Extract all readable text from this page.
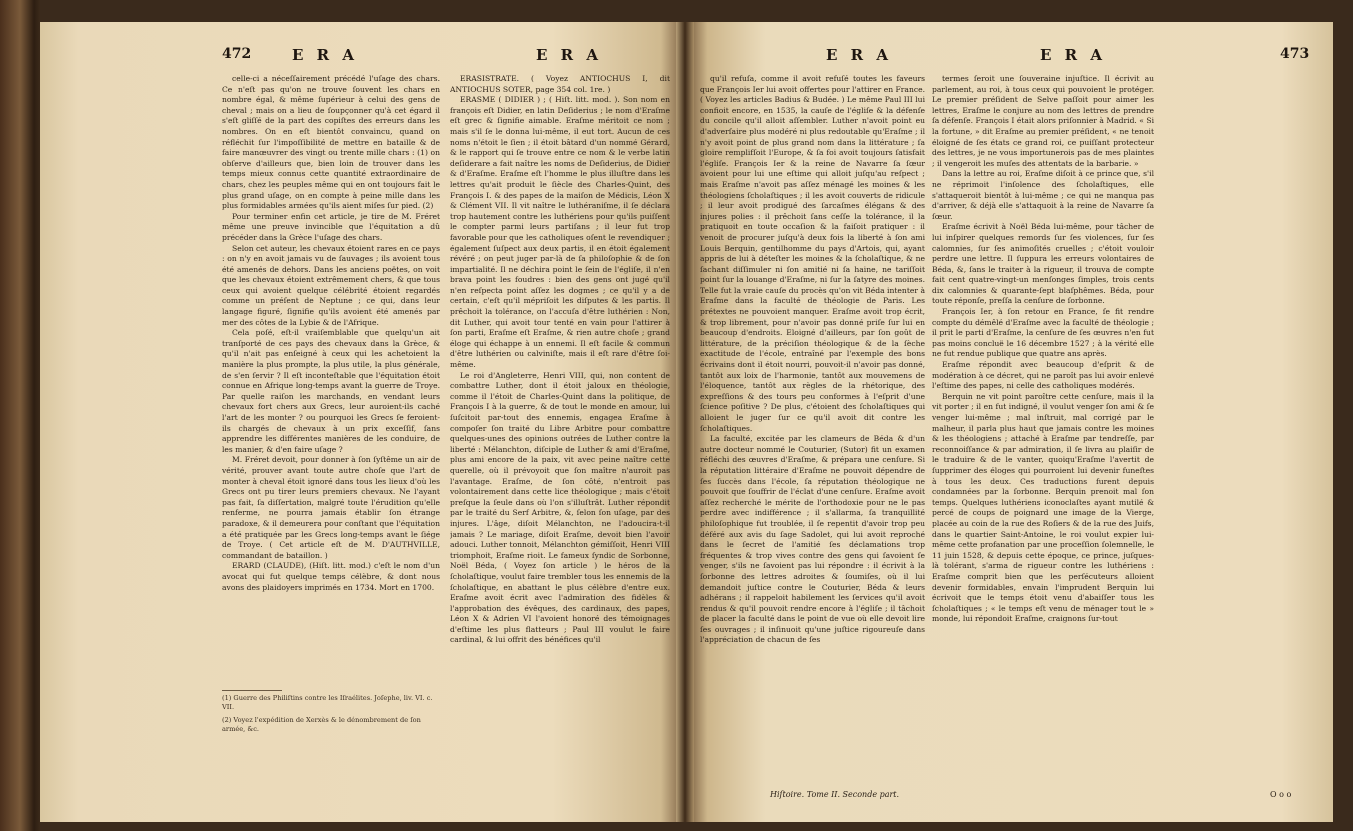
472	E R A	E R A

celle-ci a néceſſairement précédé l'uſage des chars. Ce n'eſt pas qu'on ne trouve ſouvent les chars en nombre égal, & même ſupérieur à celui des gens de cheval ; mais on a lieu de ſoupçonner qu'à cet égard il s'eſt gliſſé de la part des copiſtes des erreurs dans les nombres. On en eſt bientôt convaincu, quand on réfléchit ſur l'impoſſibilité de mettre en bataille & de faire manœuvrer des vingt ou trente mille chars : (1) on obſerve d'ailleurs que, bien loin de trouver dans les temps mieux connus cette quantité extraordinaire de chars, chez les peuples même qui en ont toujours fait le plus grand uſage, on en compte à peine mille dans les plus formidables armées qu'ils aient miſes ſur pied. (2)

Pour terminer enfin cet article, je tire de M. Fréret même une preuve invincible que l'équitation a dû précéder dans la Grèce l'uſage des chars.

Selon cet auteur, les chevaux étoient rares en ce pays : on n'y en avoit jamais vu de ſauvages ; ils avoient tous été amenés de dehors. Dans les anciens poëtes, on voit que les chevaux étoient extrêmement chers, & que tous ceux qui avoient quelque célébrité étoient regardés comme un préſent de Neptune ; ce qui, dans leur langage figuré, ſignifie qu'ils avoient été amenés par mer des côtes de la Lybie & de l'Afrique.

Cela poſé, eſt-il vraiſemblable que quelqu'un ait tranſporté de ces pays des chevaux dans la Grèce, & qu'il n'ait pas enſeigné à ceux qui les achetoient la manière la plus prompte, la plus utile, la plus générale, de s'en ſervir ? Il eſt inconteſtable que l'équitation étoit connue en Afrique long-temps avant la guerre de Troye. Par quelle raiſon les marchands, en vendant leurs chevaux fort chers aux Grecs, leur auroient-ils caché l'art de les monter ? ou pourquoi les Grecs ſe feroient-ils chargés de chevaux à un prix exceſſif, ſans apprendre les différentes manières de les conduire, de les manier, & d'en faire uſage ?

M. Fréret devoit, pour donner à ſon ſyſtême un air de vérité, prouver avant toute autre choſe que l'art de monter à cheval étoit ignoré dans tous les lieux d'où les Grecs ont pu tirer leurs premiers chevaux. Ne l'ayant pas fait, ſa diſſertation, malgré toute l'érudition qu'elle renferme, ne pourra jamais établir ſon étrange paradoxe, & il demeurera pour conſtant que l'équitation a été pratiquée par les Grecs long-temps avant le ſiége de Troye. ( Cet article eſt de M. D'AUTHVILLE, commandant de bataillon. )

ERARD (CLAUDE), (Hiſt. litt. mod.) c'eſt le nom d'un avocat qui fut quelque temps célèbre, & dont nous avons des plaidoyers imprimés en 1734. Mort en 1700.

(1) Guerre des Philiſtins contre les Iſraélites. Joſephe, liv. VI. c. VII.
(2) Voyez l'expédition de Xerxès & le dénombrement de ſon armée, &c.

ERASISTRATE. ( Voyez ANTIOCHUS I, dit ANTIOCHUS SOTER, page 354 col. 1re. )

ERASME ( DIDIER ) ; ( Hiſt. litt. mod. ). Son nom en françois eſt Didier, en latin Deſiderius ; le nom d'Eraſme eſt grec & ſignifie aimable. Eraſme méritoit ce nom ; mais s'il ſe le donna lui-même, il eut tort. Aucun de ces noms n'étoit le ſien ; il étoit bâtard d'un nommé Gérard, & le rapport qui ſe trouve entre ce nom & le verbe latin deſiderare a fait naître les noms de Deſiderius, de Didier & d'Eraſme. Eraſme eſt l'homme le plus illuſtre dans les lettres qu'ait produit le ſiècle des Charles-Quint, des François I. & des papes de la maiſon de Médicis, Léon X & Clément VII. Il vit naître le luthéraniſme, il ſe déclara trop hautement contre les luthériens pour qu'ils puiſſent le compter parmi leurs partiſans ; il leur fut trop favorable pour que les catholiques oſent le revendiquer ; également ſuſpect aux deux partis, il en étoit également révéré ; on peut juger par-là de ſa philoſophie & de ſon impartialité. Il ne déchira point le ſein de l'égliſe, il n'en brava point les foudres : bien des gens ont jugé qu'il n'en reſpecta point aſſez les dogmes ; ce qu'il y a de certain, c'eſt qu'il mépriſoit les diſputes & les partis. Il prêchoit la tolérance, on l'accuſa d'être luthérien : Non, dit Luther, qui avoit tour tenté en vain pour l'attirer à ſon parti, Eraſme eſt Eraſme, & rien autre choſe ; grand éloge qui échappe à un ennemi. Il eſt facile & commun d'être luthérien ou calviniſte, mais il eſt rare d'être ſoi-même.

Le roi d'Angleterre, Henri VIII, qui, non content de combattre Luther, dont il étoit jaloux en théologie, comme il l'étoit de Charles-Quint dans la politique, de François I à la guerre, & de tout le monde en amour, lui ſuſcitoit par-tout des ennemis, engagea Eraſme à compoſer ſon traité du Libre Arbitre pour combattre quelques-unes des opinions outrées de Luther contre la liberté : Mélanchton, diſciple de Luther & ami d'Eraſme, plus ami encore de la paix, vit avec peine naître cette querelle, où il prévoyoit que ſon maître n'auroit pas l'avantage. Eraſme, de ſon côté, n'entroit pas volontairement dans cette lice théologique ; mais c'étoit preſque la ſeule dans où l'on s'illuſtrât. Luther répondit par le traité du Serf Arbitre, &, ſelon ſon uſage, par des injures. L'âge, diſoit Mélanchton, ne l'adoucira-t-il jamais ? Le mariage, diſoit Eraſme, devoit bien l'avoir adouci. Luther tonnoit, Mélanchton gémiſſoit, Henri VIII triomphoit, Eraſme rioit. Le fameux ſyndic de Sorbonne, Noël Béda, ( Voyez ſon article ) le héros de la ſcholaſtique, voulut faire trembler tous les ennemis de la ſcholaſtique, en abattant le plus célèbre d'entre eux. Eraſme avoit écrit avec l'admiration des fidèles & l'approbation des évêques, des cardinaux, des papes, Léon X & Adrien VI l'avoient honoré des témoignages d'eſtime les plus flatteurs ; Paul III voulut le faire cardinal, & lui offrit des bénéfices qu'il

E R A	E R A	473

qu'il refuſa, comme il avoit refuſé toutes les faveurs que François Ier lui avoit offertes pour l'attirer en France. ( Voyez les articles Badius & Budée. ) Le même Paul III lui confioit encore, en 1535, la cauſe de l'égliſe & la défenſe du concile qu'il alloit aſſembler. Luther n'avoit point eu d'adverſaire plus modéré ni plus redoutable qu'Eraſme ; il n'y avoit point de plus grand nom dans la littérature ; ſa gloire remplifſoit l'Europe, & ſa foi avoit toujours ſatisfait l'égliſe. François Ier & la reine de Navarre ſa ſœur avoient pour lui une eſtime qui alloit juſqu'au reſpect ; mais Eraſme n'avoit pas aſſez ménagé les moines & les théologiens ſcholaſtiques ; il les avoit couverts de ridicule ; il leur avoit prodigué des ſarcaſmes élégans & des injures polies : il prêchoit ſans ceſſe la tolérance, il la pratiquoit en toute occaſion & la faiſoit pratiquer : il venoit de procurer juſqu'à deux fois la liberté à ſon ami Louis Berquin, gentilhomme du pays d'Artois, qui, ayant appris de lui à déteſter les moines & la ſcholaſtique, & ne ſachant diſſimuler ni ſon amitié ni ſa haine, ne tariſſoit point ſur la louange d'Eraſme, ni ſur la ſatyre des moines. Telle fut la vraie cauſe du procès qu'on vit Béda intenter à Eraſme dans la faculté de théologie de Paris. Les prétextes ne pouvoient manquer. Eraſme avoit trop écrit, & trop librement, pour n'avoir pas donné priſe ſur lui en beaucoup d'endroits. Eloigné d'ailleurs, par ſon goût de littérature, de la préciſion théologique & de la ſèche exactitude de l'école, entraîné par l'exemple des bons écrivains dont il étoit nourri, pouvoit-il n'avoir pas donné, tantôt aux loix de l'harmonie, tantôt aux mouvemens de l'éloquence, tantôt aux règles de la rhétorique, des expreſſions & des tours peu conformes à l'eſprit d'une ſcience poſitive ? De plus, c'étoient des ſcholaſtiques qui alloient le juger ſur ce qu'il avoit dit contre les ſcholaſtiques.

La faculté, excitée par les clameurs de Béda & d'un autre docteur nommé le Couturier, (Sutor) fit un examen réfléchi des œuvres d'Eraſme, & prépara une cenſure. Si la réputation littéraire d'Eraſme ne pouvoit dépendre de ſes ſuccès dans l'école, ſa réputation théologique ne pouvoit que ſouffrir de l'éclat d'une cenſure. Eraſme avoit aſſez recherché le mérite de l'orthodoxie pour ne le pas perdre avec indifférence ; il s'allarma, ſa tranquillité philoſophique fut troublée, il ſe repentit d'avoir trop peu déféré aux avis du ſage Sadolet, qui lui avoit reproché dans le ſecret de l'amitié ſes déclamations trop fréquentes & trop vives contre des gens qui ſavoient ſe venger, s'ils ne ſavoient pas lui répondre : il écrivit à la ſorbonne des lettres adroites & ſoumiſes, où il lui demandoit juſtice contre le Couturier, Béda & leurs adhérans ; il rappeloit habilement les ſervices qu'il avoit rendus & qu'il pouvoit rendre encore à l'égliſe ; il tâchoit de placer la faculté dans le point de vue où elle devoit lire ſes ouvrages ; il inſinuoit qu'une juſtice rigoureuſe dans l'appréciation de chacun de ſes

Hiſtoire. Tome II. Seconde part.

termes ſeroit une ſouveraine injuſtice. Il écrivit au parlement, au roi, à tous ceux qui pouvoient le protéger. Le premier préſident de Selve paſſoit pour aimer les lettres, Eraſme le conjure au nom des lettres de prendre ſa défenſe. François I était alors priſonnier à Madrid. « Si la fortune, » dit Eraſme au premier préſident, « ne tenoit éloigné de ſes états ce grand roi, ce puiſſant protecteur des lettres, je ne vous importunerois pas de mes plaintes ; il vengeroit les muſes des attentats de la barbarie. »

Dans la lettre au roi, Eraſme diſoit à ce prince que, s'il ne réprimoit l'inſolence des ſcholaſtiques, elle s'attaqueroit bientôt à lui-même ; ce qui ne manqua pas d'arriver, & déjà elle s'attaquoit à la reine de Navarre ſa ſœur.

Eraſme écrivit à Noël Béda lui-même, pour tâcher de lui inſpirer quelques remords ſur ſes violences, ſur ſes calomnies, ſur ſes animoſités cruelles ; c'étoit vouloir perdre une lettre. Il ſuppura les erreurs volontaires de Béda, &, ſans le traiter à la rigueur, il trouva de compte fait cent quatre-vingt-un menſonges ſimples, trois cents dix calomnies & quarante-ſept blaſphêmes. Béda, pour toute réponſe, preſſa la cenſure de ſorbonne.

François Ier, à ſon retour en France, ſe fit rendre compte du démêlé d'Eraſme avec la faculté de théologie ; il prit le parti d'Eraſme, la cenſure de ſes œuvres n'en fut pas moins concluë le 16 décembre 1527 ; à la vérité elle ne fut rendue publique que quatre ans après.

Eraſme répondit avec beaucoup d'eſprit & de modération à ce décret, qui ne paroît pas lui avoir enlevé l'eſtime des papes, ni celle des catholiques modérés.

Berquin ne vit point paroître cette cenſure, mais il la vit porter ; il en fut indigné, il voulut venger ſon ami & ſe venger lui-même ; mal inſtruit, mal corrigé par le malheur, il parla plus haut que jamais contre les moines & les théologiens ; attaché à Eraſme par tendreſſe, par reconnoiſſance & par admiration, il ſe livra au plaiſir de le traduire & de le vanter, quoiqu'Eraſme l'avertit de ſupprimer des éloges qui pourroient lui devenir funeſtes à tous les deux. Ces traductions furent depuis condamnées par la ſorbonne. Berquin prenoit mal ſon temps. Quelques luthériens iconoclaſtes ayant mutilé & percé de coups de poignard une image de la Vierge, placée au coin de la rue des Roſiers & de la rue des Juifs, dans le quartier Saint-Antoine, le roi voulut expier lui-même cette profanation par une proceſſion ſolemnelle, le 11 juin 1528, & depuis cette époque, ce prince, juſques-là tolérant, s'arma de rigueur contre les luthériens : Eraſme comprit bien que les perſécuteurs alloient devenir formidables, envain l'imprudent Berquin lui écrivoit que le temps étoit venu d'abaiſſer tous les ſcholaſtiques ; « le temps eſt venu de ménager tout le » monde, lui répondoit Eraſme, craignons ſur-tout

O o o
